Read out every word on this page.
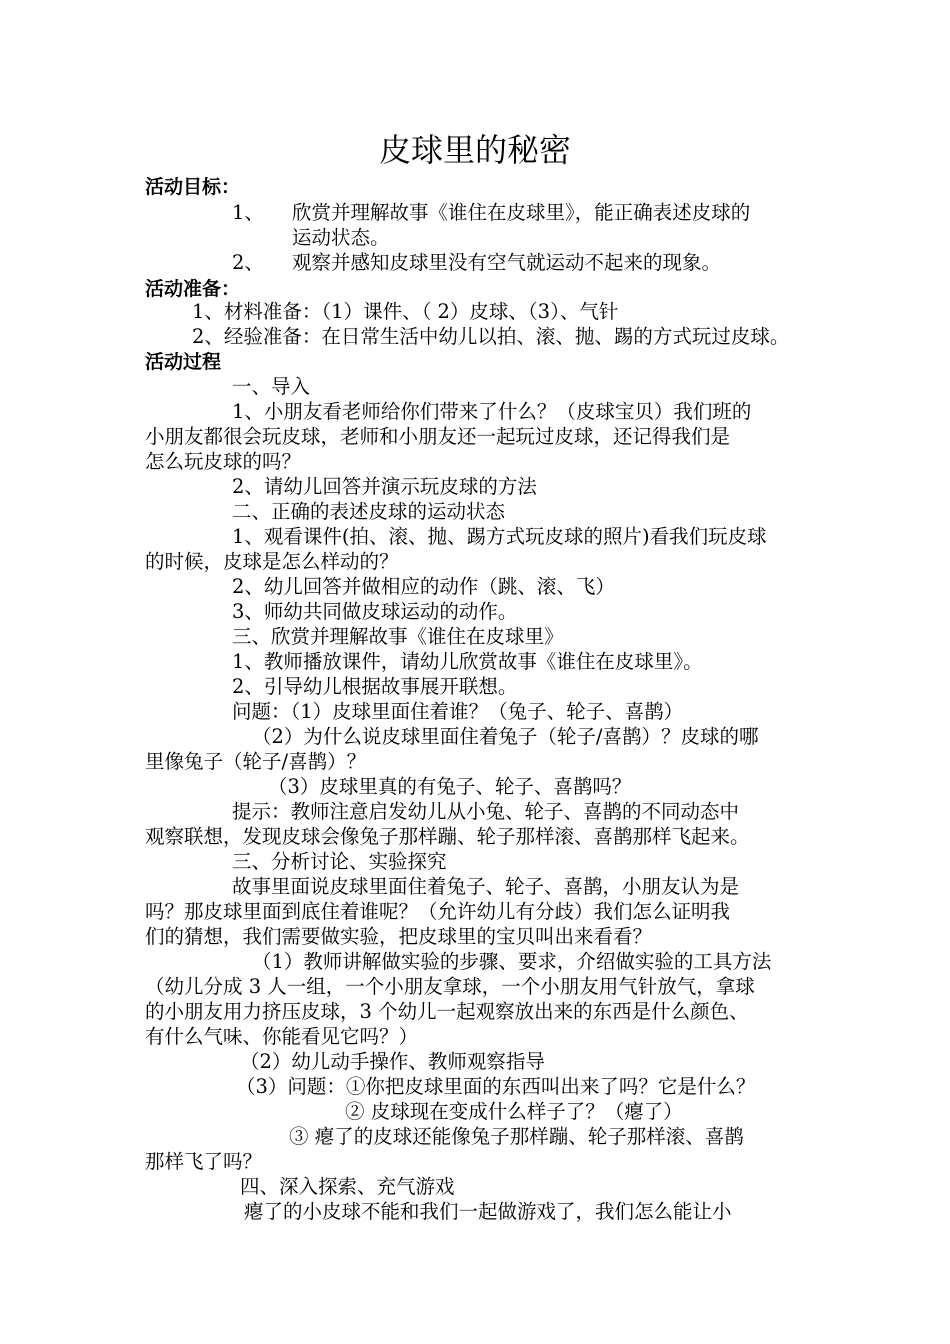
皮球里的秘密
活动目标：
1、 欣赏并理解故事《谁住在皮球里》，能正确表述皮球的
运动状态。
2、 观察并感知皮球里没有空气就运动不起来的现象。
活动准备：
1、材料准备：（1）课件、（ 2）皮球、（3）、气针
2、经验准备：在日常生活中幼儿以拍、滚、抛、踢的方式玩过皮球。
活动过程
一、导入
1、小朋友看老师给你们带来了什么？（皮球宝贝）我们班的
小朋友都很会玩皮球，老师和小朋友还一起玩过皮球，还记得我们是
怎么玩皮球的吗？
2、请幼儿回答并演示玩皮球的方法
二、正确的表述皮球的运动状态
1、观看课件(拍、滚、抛、踢方式玩皮球的照片)看我们玩皮球
的时候，皮球是怎么样动的？
2、幼儿回答并做相应的动作（跳、滚、飞）
3、师幼共同做皮球运动的动作。
三、欣赏并理解故事《谁住在皮球里》
1、教师播放课件，请幼儿欣赏故事《谁住在皮球里》。
2、引导幼儿根据故事展开联想。
问题：（1）皮球里面住着谁？（兔子、轮子、喜鹊）
（2）为什么说皮球里面住着兔子（轮子/喜鹊）？皮球的哪
里像兔子（轮子/喜鹊）？
（3）皮球里真的有兔子、轮子、喜鹊吗？
提示：教师注意启发幼儿从小兔、轮子、喜鹊的不同动态中
观察联想，发现皮球会像兔子那样蹦、轮子那样滚、喜鹊那样飞起来。
三、分析讨论、实验探究
故事里面说皮球里面住着兔子、轮子、喜鹊，小朋友认为是
吗？那皮球里面到底住着谁呢？（允许幼儿有分歧）我们怎么证明我
们的猜想，我们需要做实验，把皮球里的宝贝叫出来看看？
（1）教师讲解做实验的步骤、要求，介绍做实验的工具方法
（幼儿分成 3 人一组，一个小朋友拿球，一个小朋友用气针放气，拿球
的小朋友用力挤压皮球，3 个幼儿一起观察放出来的东西是什么颜色、
有什么气味、你能看见它吗？）
（2）幼儿动手操作、教师观察指导
（3）问题：①你把皮球里面的东西叫出来了吗？它是什么？
② 皮球现在变成什么样子了？（瘪了）
③ 瘪了的皮球还能像兔子那样蹦、轮子那样滚、喜鹊
那样飞了吗？
四、深入探索、充气游戏
瘪了的小皮球不能和我们一起做游戏了，我们怎么能让小
